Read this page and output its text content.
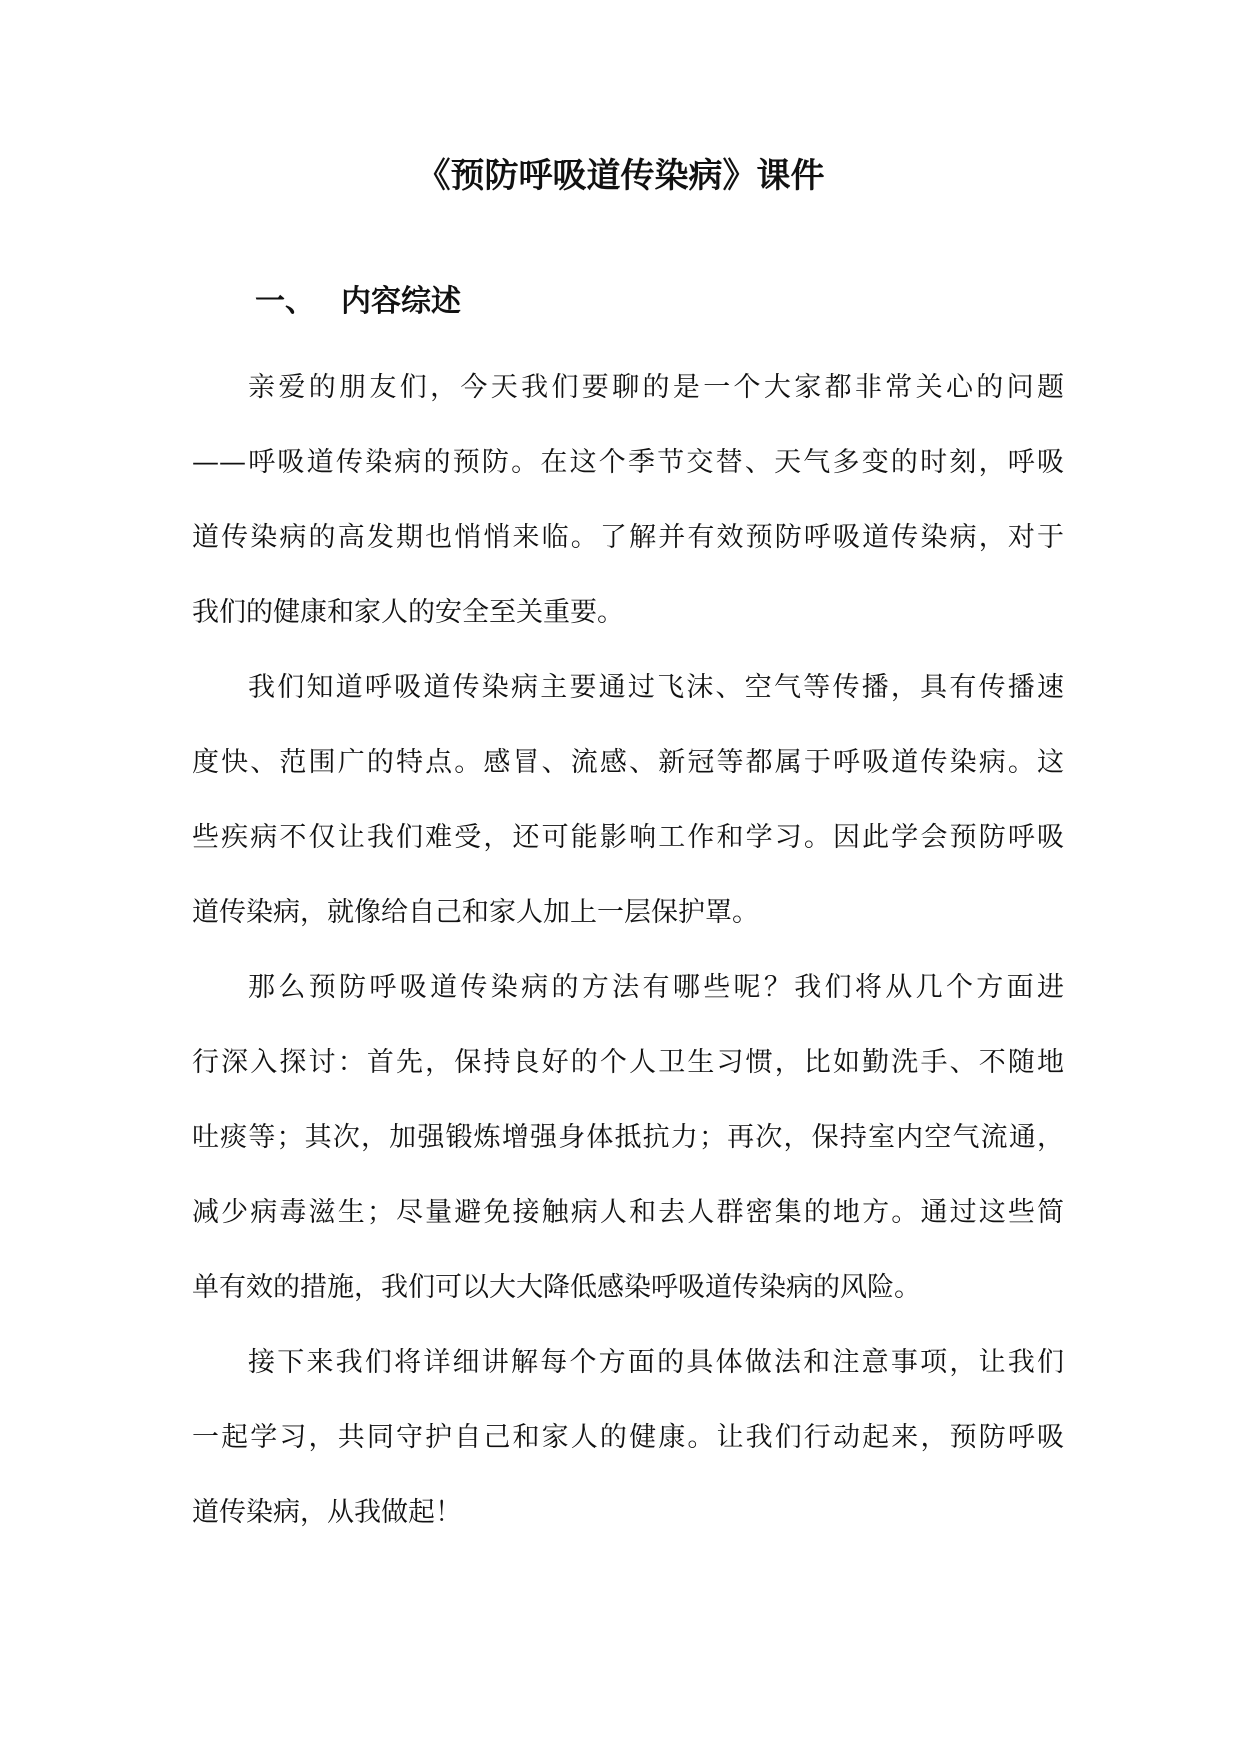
《预防呼吸道传染病》课件
一、 内容综述
亲爱的朋友们，今天我们要聊的是一个大家都非常关心的问题
——呼吸道传染病的预防。在这个季节交替、天气多变的时刻，呼吸
道传染病的高发期也悄悄来临。了解并有效预防呼吸道传染病，对于
我们的健康和家人的安全至关重要。
我们知道呼吸道传染病主要通过飞沫、空气等传播，具有传播速
度快、范围广的特点。感冒、流感、新冠等都属于呼吸道传染病。这
些疾病不仅让我们难受，还可能影响工作和学习。因此学会预防呼吸
道传染病，就像给自己和家人加上一层保护罩。
那么预防呼吸道传染病的方法有哪些呢？我们将从几个方面进
行深入探讨：首先，保持良好的个人卫生习惯，比如勤洗手、不随地
吐痰等；其次，加强锻炼增强身体抵抗力；再次，保持室内空气流通，
减少病毒滋生；尽量避免接触病人和去人群密集的地方。通过这些简
单有效的措施，我们可以大大降低感染呼吸道传染病的风险。
接下来我们将详细讲解每个方面的具体做法和注意事项，让我们
一起学习，共同守护自己和家人的健康。让我们行动起来，预防呼吸
道传染病，从我做起！
